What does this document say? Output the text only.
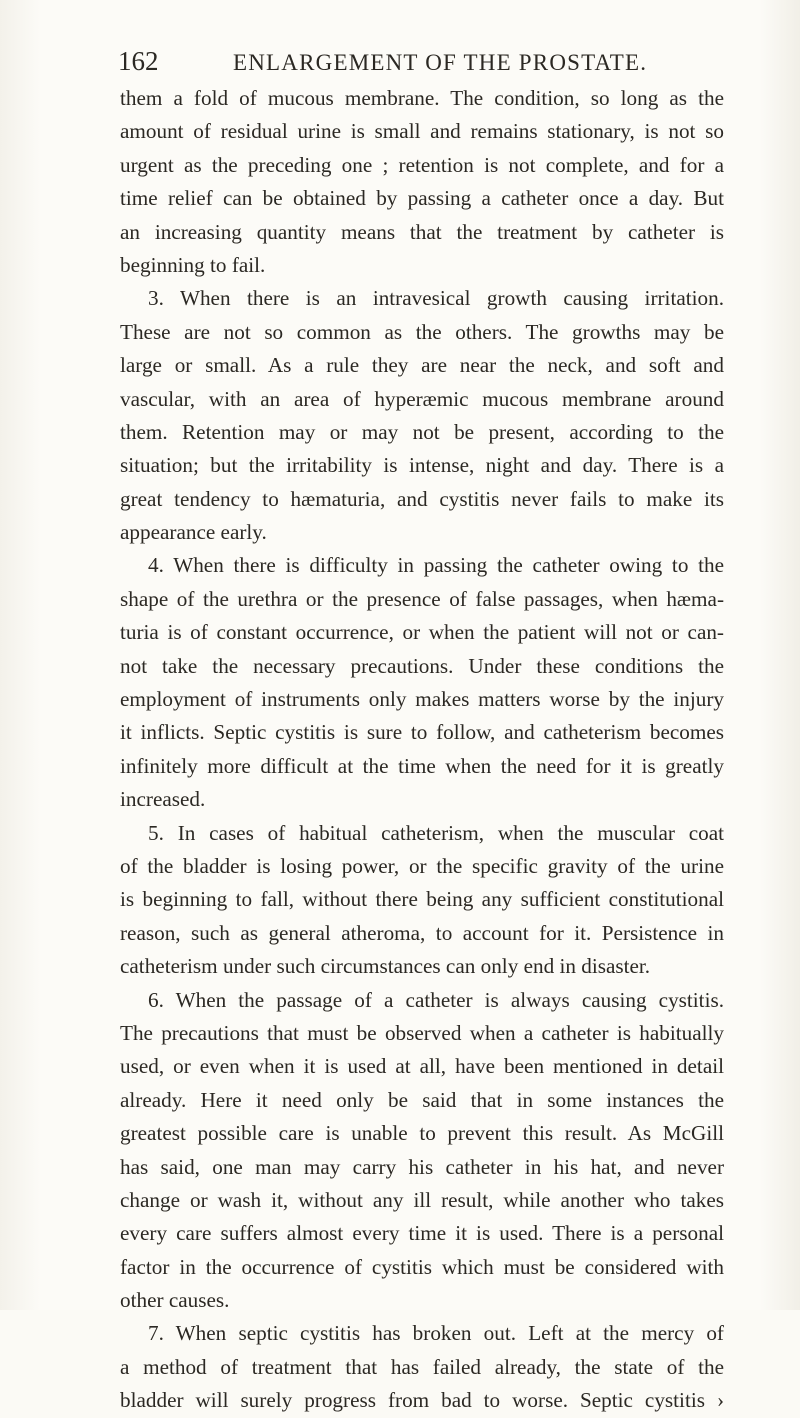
162	ENLARGEMENT OF THE PROSTATE.
them a fold of mucous membrane. The condition, so long as the
amount of residual urine is small and remains stationary, is not so
urgent as the preceding one ; retention is not complete, and for a
time relief can be obtained by passing a catheter once a day. But
an increasing quantity means that the treatment by catheter is
beginning to fail.
3. When there is an intravesical growth causing irritation.
These are not so common as the others. The growths may be
large or small. As a rule they are near the neck, and soft and
vascular, with an area of hyperæmic mucous membrane around
them. Retention may or may not be present, according to the
situation; but the irritability is intense, night and day. There is a
great tendency to hæmaturia, and cystitis never fails to make its
appearance early.
4. When there is difficulty in passing the catheter owing to the
shape of the urethra or the presence of false passages, when hæma-
turia is of constant occurrence, or when the patient will not or can-
not take the necessary precautions. Under these conditions the
employment of instruments only makes matters worse by the injury
it inflicts. Septic cystitis is sure to follow, and catheterism becomes
infinitely more difficult at the time when the need for it is greatly
increased.
5. In cases of habitual catheterism, when the muscular coat
of the bladder is losing power, or the specific gravity of the urine
is beginning to fall, without there being any sufficient constitutional
reason, such as general atheroma, to account for it. Persistence in
catheterism under such circumstances can only end in disaster.
6. When the passage of a catheter is always causing cystitis.
The precautions that must be observed when a catheter is habitually
used, or even when it is used at all, have been mentioned in detail
already. Here it need only be said that in some instances the
greatest possible care is unable to prevent this result. As McGill
has said, one man may carry his catheter in his hat, and never
change or wash it, without any ill result, while another who takes
every care suffers almost every time it is used. There is a personal
factor in the occurrence of cystitis which must be considered with
other causes.
7. When septic cystitis has broken out. Left at the mercy of
a method of treatment that has failed already, the state of the
bladder will surely progress from bad to worse. Septic cystitis ›
